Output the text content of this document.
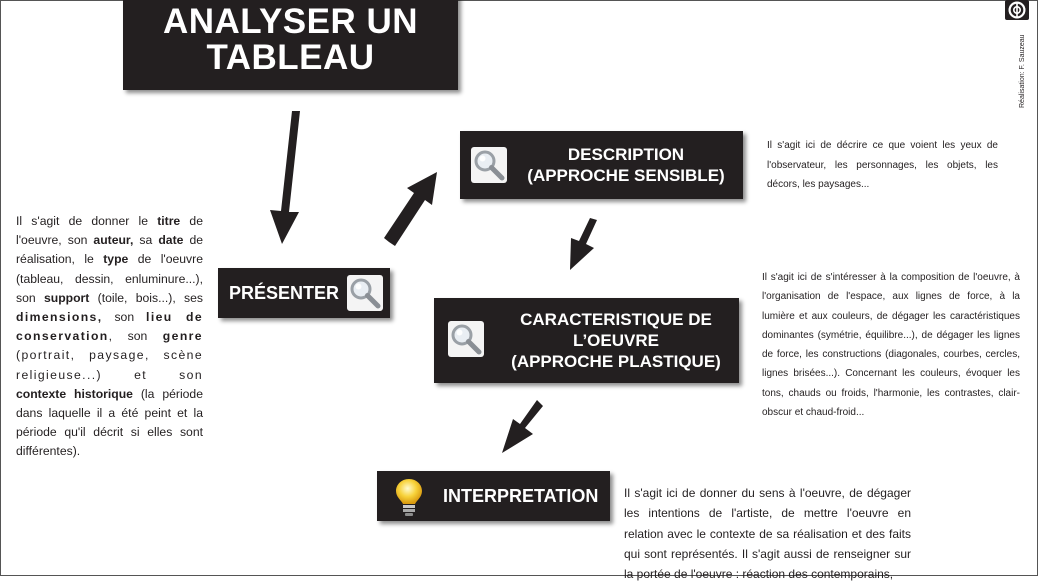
ANALYSER UN
TABLEAU
PRÉSENTER
DESCRIPTION
(APPROCHE SENSIBLE)
CARACTERISTIQUE DE
L’OEUVRE
(APPROCHE PLASTIQUE)
INTERPRETATION
Il s'agit de donner le titre de l'oeuvre, son auteur, sa date de réalisation, le type de l'oeuvre (tableau, dessin, enluminure...), son support (toile, bois...), ses dimensions, son lieu de conservation, son genre (portrait, paysage, scène religieuse...) et son contexte historique (la période dans laquelle il a été peint et la période qu'il décrit si elles sont différentes).
Il s'agit ici de décrire ce que voient les yeux de l'observateur, les personnages, les objets, les décors, les paysages...
Il s'agit ici de s'intéresser à la composition de l'oeuvre, à l'organisation de l'espace, aux lignes de force, à la lumière et aux couleurs, de dégager les caractéristiques dominantes (symétrie, équilibre...), de dégager les lignes de force, les constructions (diagonales, courbes, cercles, lignes brisées...). Concernant les couleurs, évoquer les tons, chauds ou froids, l'harmonie, les contrastes, clair-obscur et chaud-froid...
Il s'agit ici de donner du sens à l'oeuvre, de dégager les intentions de l'artiste, de mettre l'oeuvre en relation avec le contexte de sa réalisation et des faits qui sont représentés. Il s'agit aussi de renseigner sur la portée de l'oeuvre : réaction des contemporains,
Réalisation: F. Sauzeau
